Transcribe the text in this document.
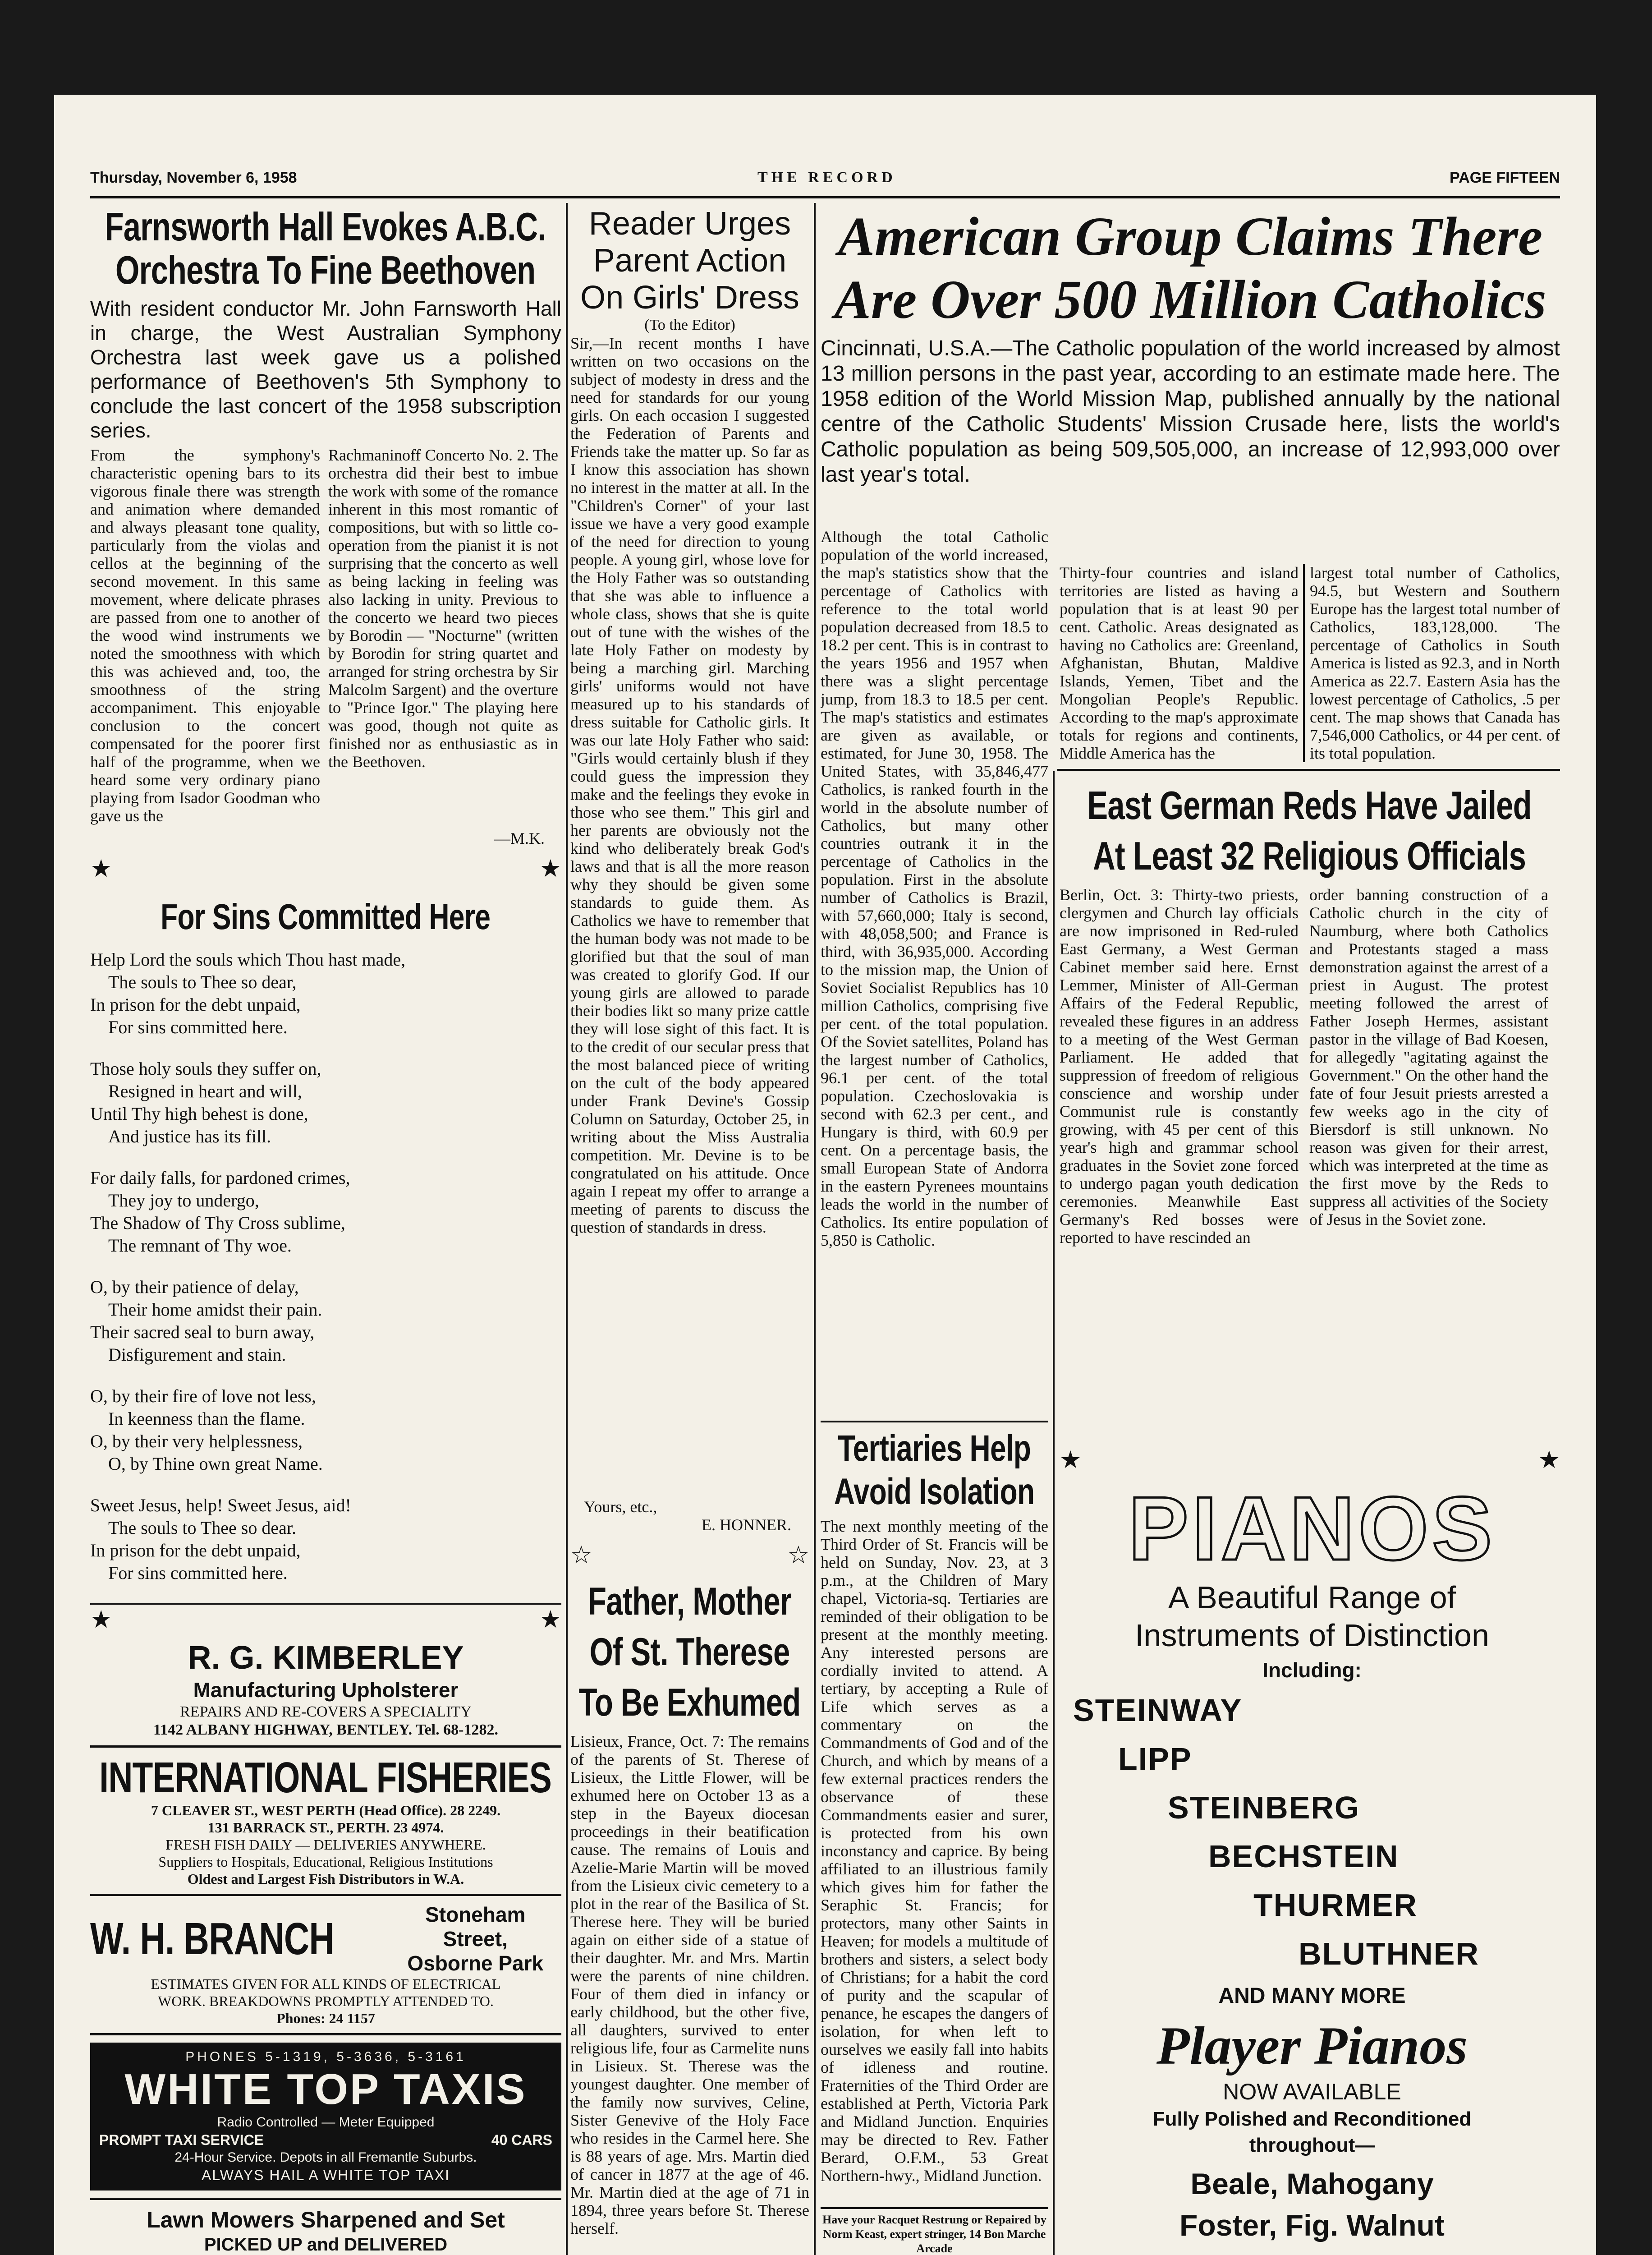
Thursday, November 6, 1958	THE RECORD	PAGE FIFTEEN
Farnsworth Hall Evokes A.B.C.
Orchestra To Fine Beethoven
With resident conductor Mr. John Farnsworth Hall in charge, the West Australian Symphony Orchestra last week gave us a polished performance of Beethoven's 5th Symphony to conclude the last concert of the 1958 subscription series.
From the symphony's characteristic opening bars to its vigorous finale there was strength and animation where demanded and always pleasant tone quality, particularly from the violas and cellos at the beginning of the second movement. In this same movement, where delicate phrases are passed from one to another of the wood wind instruments we noted the smoothness with which this was achieved and, too, the smoothness of the string accompaniment. This enjoyable conclusion to the concert compensated for the poorer first half of the programme, when we heard some very ordinary piano playing from Isador Goodman who gave us the
Rachmaninoff Concerto No. 2. The orchestra did their best to imbue the work with some of the romance inherent in this most romantic of compositions, but with so little co-operation from the pianist it is not surprising that the concerto as well as being lacking in feeling was also lacking in unity. Previous to the concerto we heard two pieces by Borodin — "Nocturne" (written by Borodin for string quartet and arranged for string orchestra by Sir Malcolm Sargent) and the overture to "Prince Igor." The playing here was good, though not quite as finished nor as enthusiastic as in the Beethoven.
—M.K.
★	★
For Sins Committed Here
Help Lord the souls which Thou hast made,
The souls to Thee so dear,
In prison for the debt unpaid,
For sins committed here.
Those holy souls they suffer on,
Resigned in heart and will,
Until Thy high behest is done,
And justice has its fill.
For daily falls, for pardoned crimes,
They joy to undergo,
The Shadow of Thy Cross sublime,
The remnant of Thy woe.
O, by their patience of delay,
Their home amidst their pain.
Their sacred seal to burn away,
Disfigurement and stain.
O, by their fire of love not less,
In keenness than the flame.
O, by their very helplessness,
O, by Thine own great Name.
Sweet Jesus, help! Sweet Jesus, aid!
The souls to Thee so dear.
In prison for the debt unpaid,
For sins committed here.
★	★
R. G. KIMBERLEY
Manufacturing Upholsterer
REPAIRS AND RE-COVERS A SPECIALITY
1142 ALBANY HIGHWAY, BENTLEY. Tel. 68-1282.
INTERNATIONAL FISHERIES
7 CLEAVER ST., WEST PERTH (Head Office). 28 2249.
131 BARRACK ST., PERTH. 23 4974.
FRESH FISH DAILY — DELIVERIES ANYWHERE.
Suppliers to Hospitals, Educational, Religious Institutions
Oldest and Largest Fish Distributors in W.A.
W. H. BRANCH	Stoneham Street,
Osborne Park
ESTIMATES GIVEN FOR ALL KINDS OF ELECTRICAL
WORK. BREAKDOWNS PROMPTLY ATTENDED TO.
Phones: 24 1157
PHONES 5-1319, 5-3636, 5-3161
WHITE TOP TAXIS
Radio Controlled — Meter Equipped
PROMPT TAXI SERVICE	40 CARS
24-Hour Service. Depots in all Fremantle Suburbs.
ALWAYS HAIL A WHITE TOP TAXI
Lawn Mowers Sharpened and Set
PICKED UP and DELIVERED
Reader Urges
Parent Action
On Girls' Dress
(To the Editor)
Sir,—In recent months I have written on two occasions on the subject of modesty in dress and the need for standards for our young girls. On each occasion I suggested the Federation of Parents and Friends take the matter up. So far as I know this association has shown no interest in the matter at all. In the "Children's Corner" of your last issue we have a very good example of the need for direction to young people. A young girl, whose love for the Holy Father was so outstanding that she was able to influence a whole class, shows that she is quite out of tune with the wishes of the late Holy Father on modesty by being a marching girl. Marching girls' uniforms would not have measured up to his standards of dress suitable for Catholic girls. It was our late Holy Father who said: "Girls would certainly blush if they could guess the impression they make and the feelings they evoke in those who see them." This girl and her parents are obviously not the kind who deliberately break God's laws and that is all the more reason why they should be given some standards to guide them. As Catholics we have to remember that the human body was not made to be glorified but that the soul of man was created to glorify God. If our young girls are allowed to parade their bodies likt so many prize cattle they will lose sight of this fact. It is to the credit of our secular press that the most balanced piece of writing on the cult of the body appeared under Frank Devine's Gossip Column on Saturday, October 25, in writing about the Miss Australia competition. Mr. Devine is to be congratulated on his attitude. Once again I repeat my offer to arrange a meeting of parents to discuss the question of standards in dress.
Yours, etc.,
E. HONNER.
☆	☆
Father, Mother
Of St. Therese
To Be Exhumed
Lisieux, France, Oct. 7: The remains of the parents of St. Therese of Lisieux, the Little Flower, will be exhumed here on October 13 as a step in the Bayeux diocesan proceedings in their beatification cause. The remains of Louis and Azelie-Marie Martin will be moved from the Lisieux civic cemetery to a plot in the rear of the Basilica of St. Therese here. They will be buried again on either side of a statue of their daughter. Mr. and Mrs. Martin were the parents of nine children. Four of them died in infancy or early childhood, but the other five, all daughters, survived to enter religious life, four as Carmelite nuns in Lisieux. St. Therese was the youngest daughter. One member of the family now survives, Celine, Sister Genevive of the Holy Face who resides in the Carmel here. She is 88 years of age. Mrs. Martin died of cancer in 1877 at the age of 46. Mr. Martin died at the age of 71 in 1894, three years before St. Therese herself.
American Group Claims There
Are Over 500 Million Catholics
Cincinnati, U.S.A.—The Catholic population of the world increased by almost 13 million persons in the past year, according to an estimate made here. The 1958 edition of the World Mission Map, published annually by the national centre of the Catholic Students' Mission Crusade here, lists the world's Catholic population as being 509,505,000, an increase of 12,993,000 over last year's total.
Although the total Catholic population of the world increased, the map's statistics show that the percentage of Catholics with reference to the total world population decreased from 18.5 to 18.2 per cent. This is in contrast to the years 1956 and 1957 when there was a slight percentage jump, from 18.3 to 18.5 per cent. The map's statistics and estimates are given as available, or estimated, for June 30, 1958. The United States, with 35,846,477 Catholics, is ranked fourth in the world in the absolute number of Catholics, but many other countries outrank it in the percentage of Catholics in the population. First in the absolute number of Catholics is Brazil, with 57,660,000; Italy is second, with 48,058,500; and France is third, with 36,935,000. According to the mission map, the Union of Soviet Socialist Republics has 10 million Catholics, comprising five per cent. of the total population. Of the Soviet satellites, Poland has the largest number of Catholics, 96.1 per cent. of the total population. Czechoslovakia is second with 62.3 per cent., and Hungary is third, with 60.9 per cent. On a percentage basis, the small European State of Andorra in the eastern Pyrenees mountains leads the world in the number of Catholics. Its entire population of 5,850 is Catholic.
Thirty-four countries and island territories are listed as having a population that is at least 90 per cent. Catholic. Areas designated as having no Catholics are: Greenland, Afghanistan, Bhutan, Maldive Islands, Yemen, Tibet and the Mongolian People's Republic. According to the map's approximate totals for regions and continents, Middle America has the
largest total number of Catholics, 94.5, but Western and Southern Europe has the largest total number of Catholics, 183,128,000. The percentage of Catholics in South America is listed as 92.3, and in North America as 22.7. Eastern Asia has the lowest percentage of Catholics, .5 per cent. The map shows that Canada has 7,546,000 Catholics, or 44 per cent. of its total population.
Tertiaries Help
Avoid Isolation
The next monthly meeting of the Third Order of St. Francis will be held on Sunday, Nov. 23, at 3 p.m., at the Children of Mary chapel, Victoria-sq. Tertiaries are reminded of their obligation to be present at the monthly meeting. Any interested persons are cordially invited to attend. A tertiary, by accepting a Rule of Life which serves as a commentary on the Commandments of God and of the Church, and which by means of a few external practices renders the observance of these Commandments easier and surer, is protected from his own inconstancy and caprice. By being affiliated to an illustrious family which gives him for father the Seraphic St. Francis; for protectors, many other Saints in Heaven; for models a multitude of brothers and sisters, a select body of Christians; for a habit the cord of purity and the scapular of penance, he escapes the dangers of isolation, for when left to ourselves we easily fall into habits of idleness and routine. Fraternities of the Third Order are established at Perth, Victoria Park and Midland Junction. Enquiries may be directed to Rev. Father Berard, O.F.M., 53 Great Northern-hwy., Midland Junction.
Have your Racquet Restrung or Repaired by Norm Keast, expert stringer, 14 Bon Marche Arcade
East German Reds Have Jailed
At Least 32 Religious Officials
Berlin, Oct. 3: Thirty-two priests, clergymen and Church lay officials are now imprisoned in Red-ruled East Germany, a West German Cabinet member said here. Ernst Lemmer, Minister of All-German Affairs of the Federal Republic, revealed these figures in an address to a meeting of the West German Parliament. He added that suppression of freedom of religious conscience and worship under Communist rule is constantly growing, with 45 per cent of this year's high and grammar school graduates in the Soviet zone forced to undergo pagan youth dedication ceremonies. Meanwhile East Germany's Red bosses were reported to have rescinded an
order banning construction of a Catholic church in the city of Naumburg, where both Catholics and Protestants staged a mass demonstration against the arrest of a priest in August. The protest meeting followed the arrest of Father Joseph Hermes, assistant pastor in the village of Bad Koesen, for allegedly "agitating against the Government." On the other hand the fate of four Jesuit priests arrested a few weeks ago in the city of Biersdorf is still unknown. No reason was given for their arrest, which was interpreted at the time as the first move by the Reds to suppress all activities of the Society of Jesus in the Soviet zone.
★	★
PIANOS
A Beautiful Range of
Instruments of Distinction
Including:
STEINWAY
LIPP
STEINBERG
BECHSTEIN
THURMER
BLUTHNER
AND MANY MORE
Player Pianos
NOW AVAILABLE
Fully Polished and Reconditioned
throughout—
Beale, Mahogany
Foster, Fig. Walnut
